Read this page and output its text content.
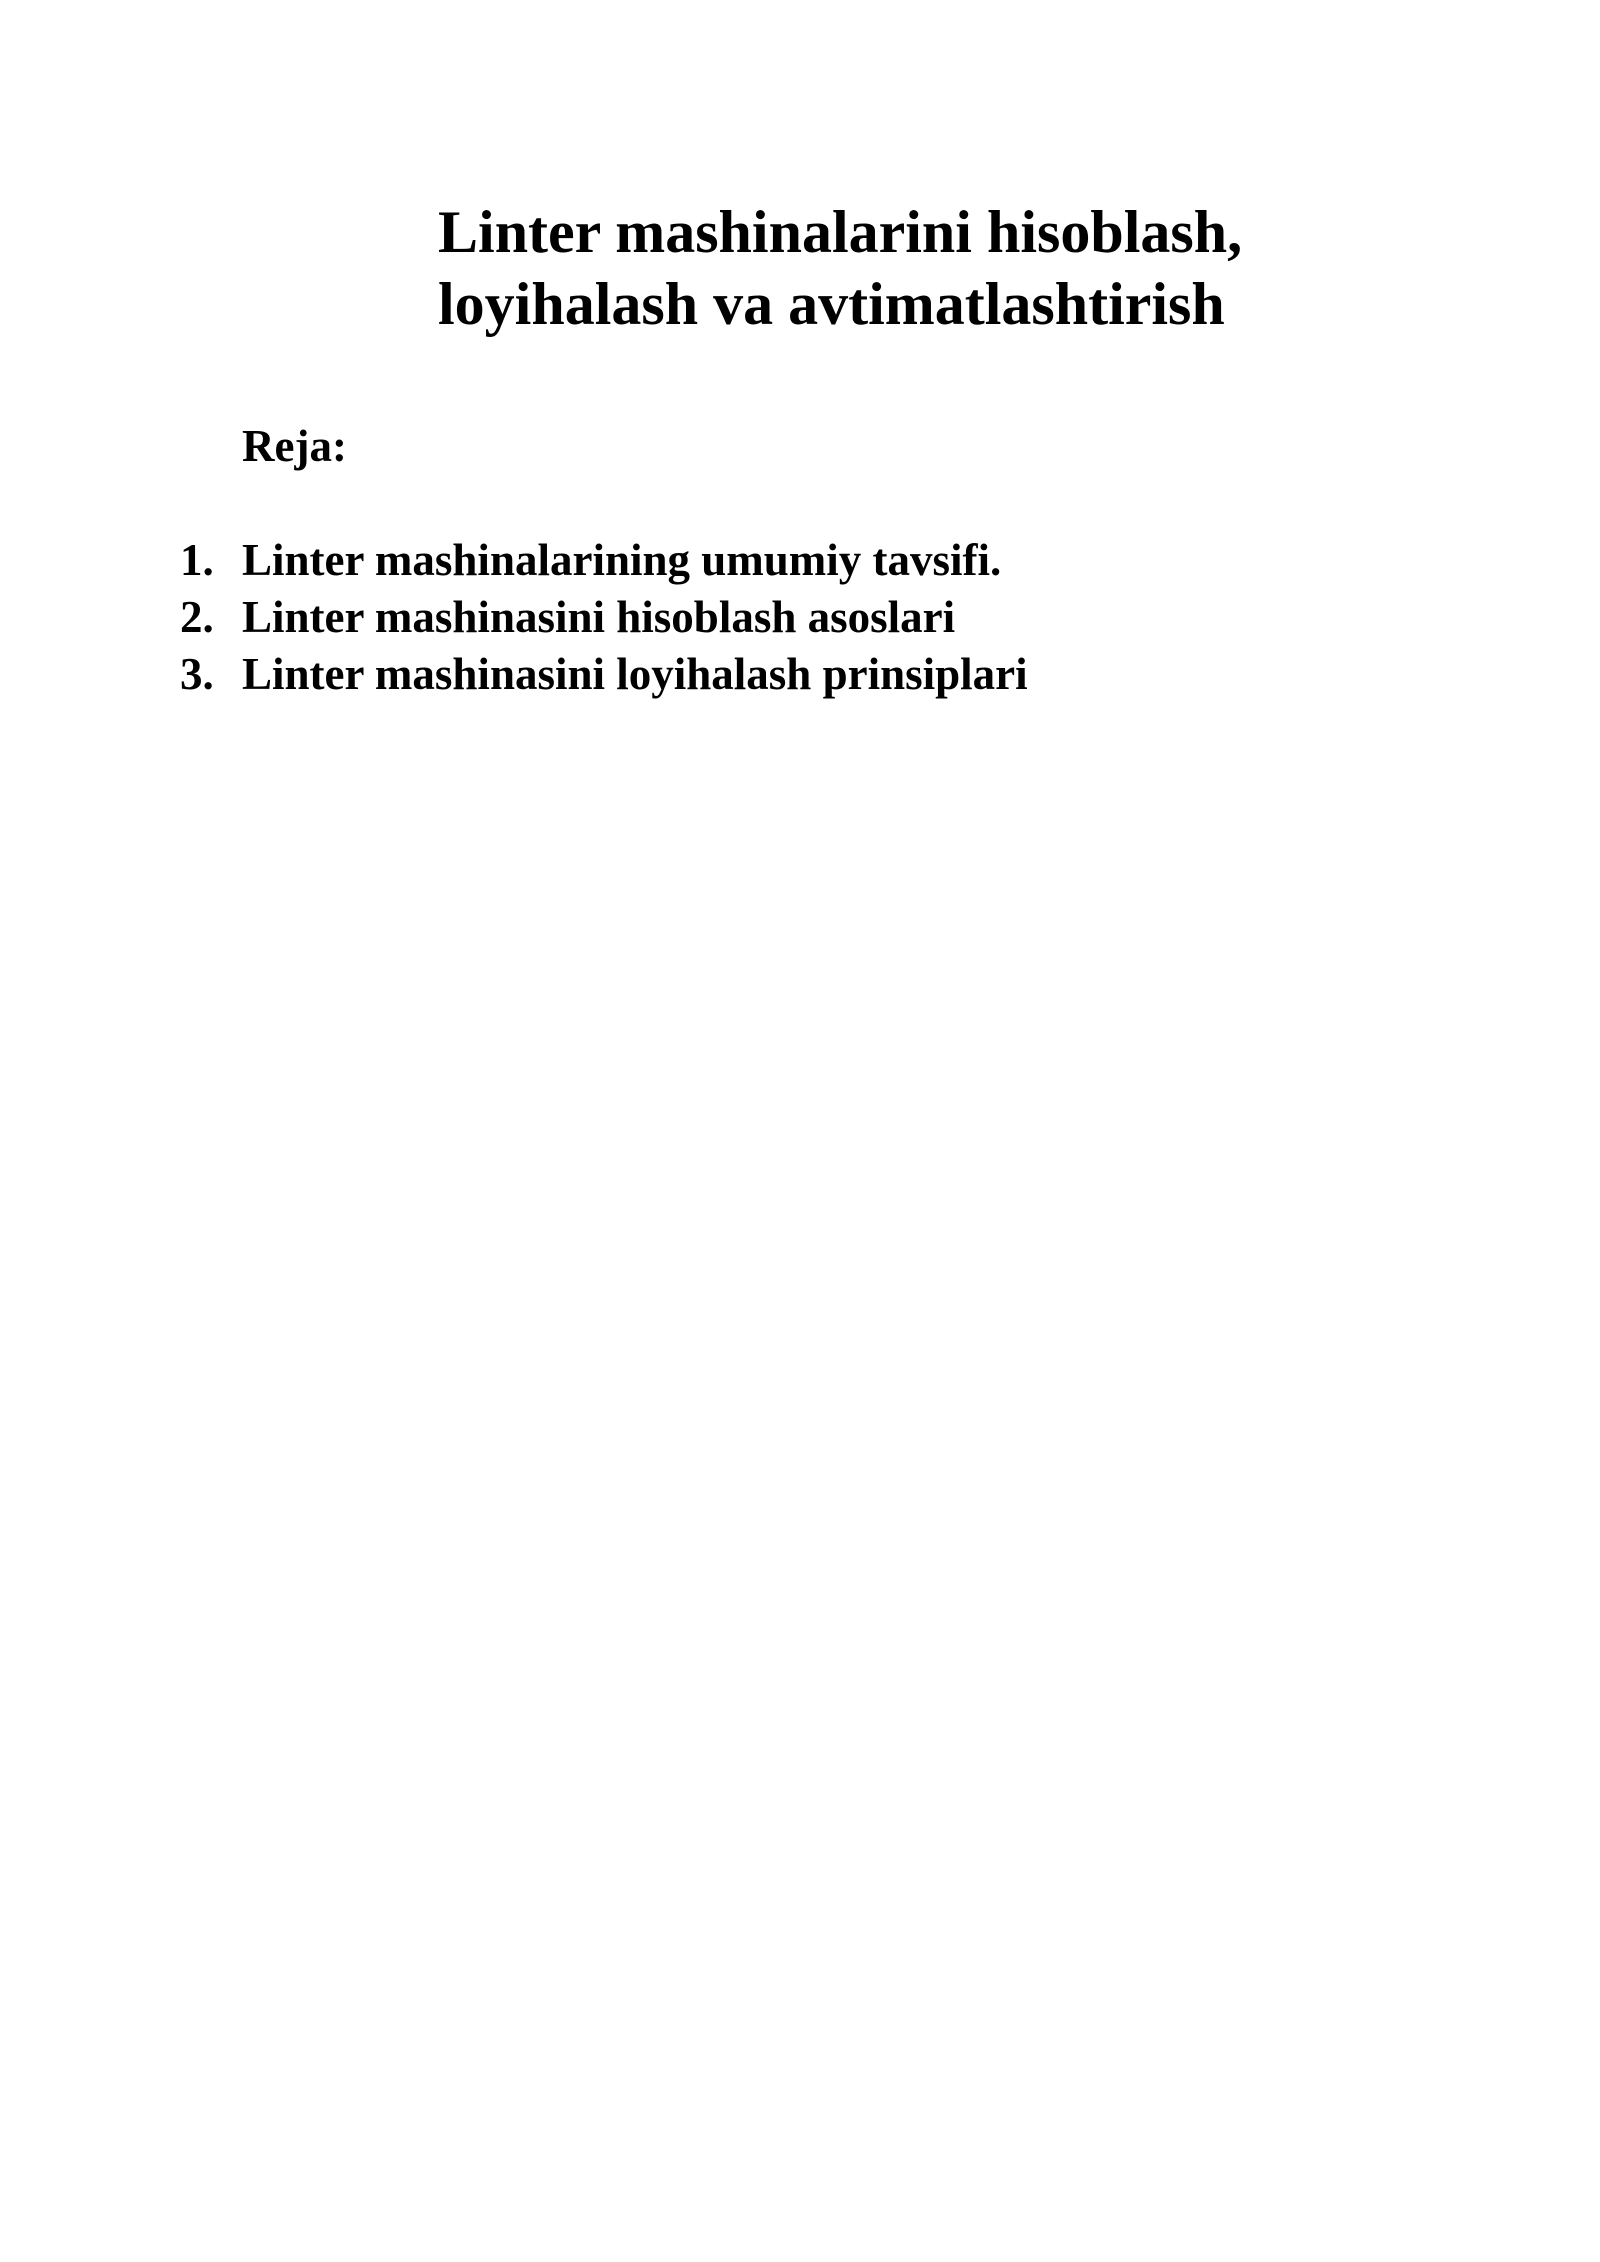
Linter mashinalarini hisoblash,
loyihalash va avtimatlashtirish

Reja:

1. Linter mashinalarining umumiy tavsifi.
2. Linter mashinasini hisoblash asoslari
3. Linter mashinasini loyihalash prinsiplari
